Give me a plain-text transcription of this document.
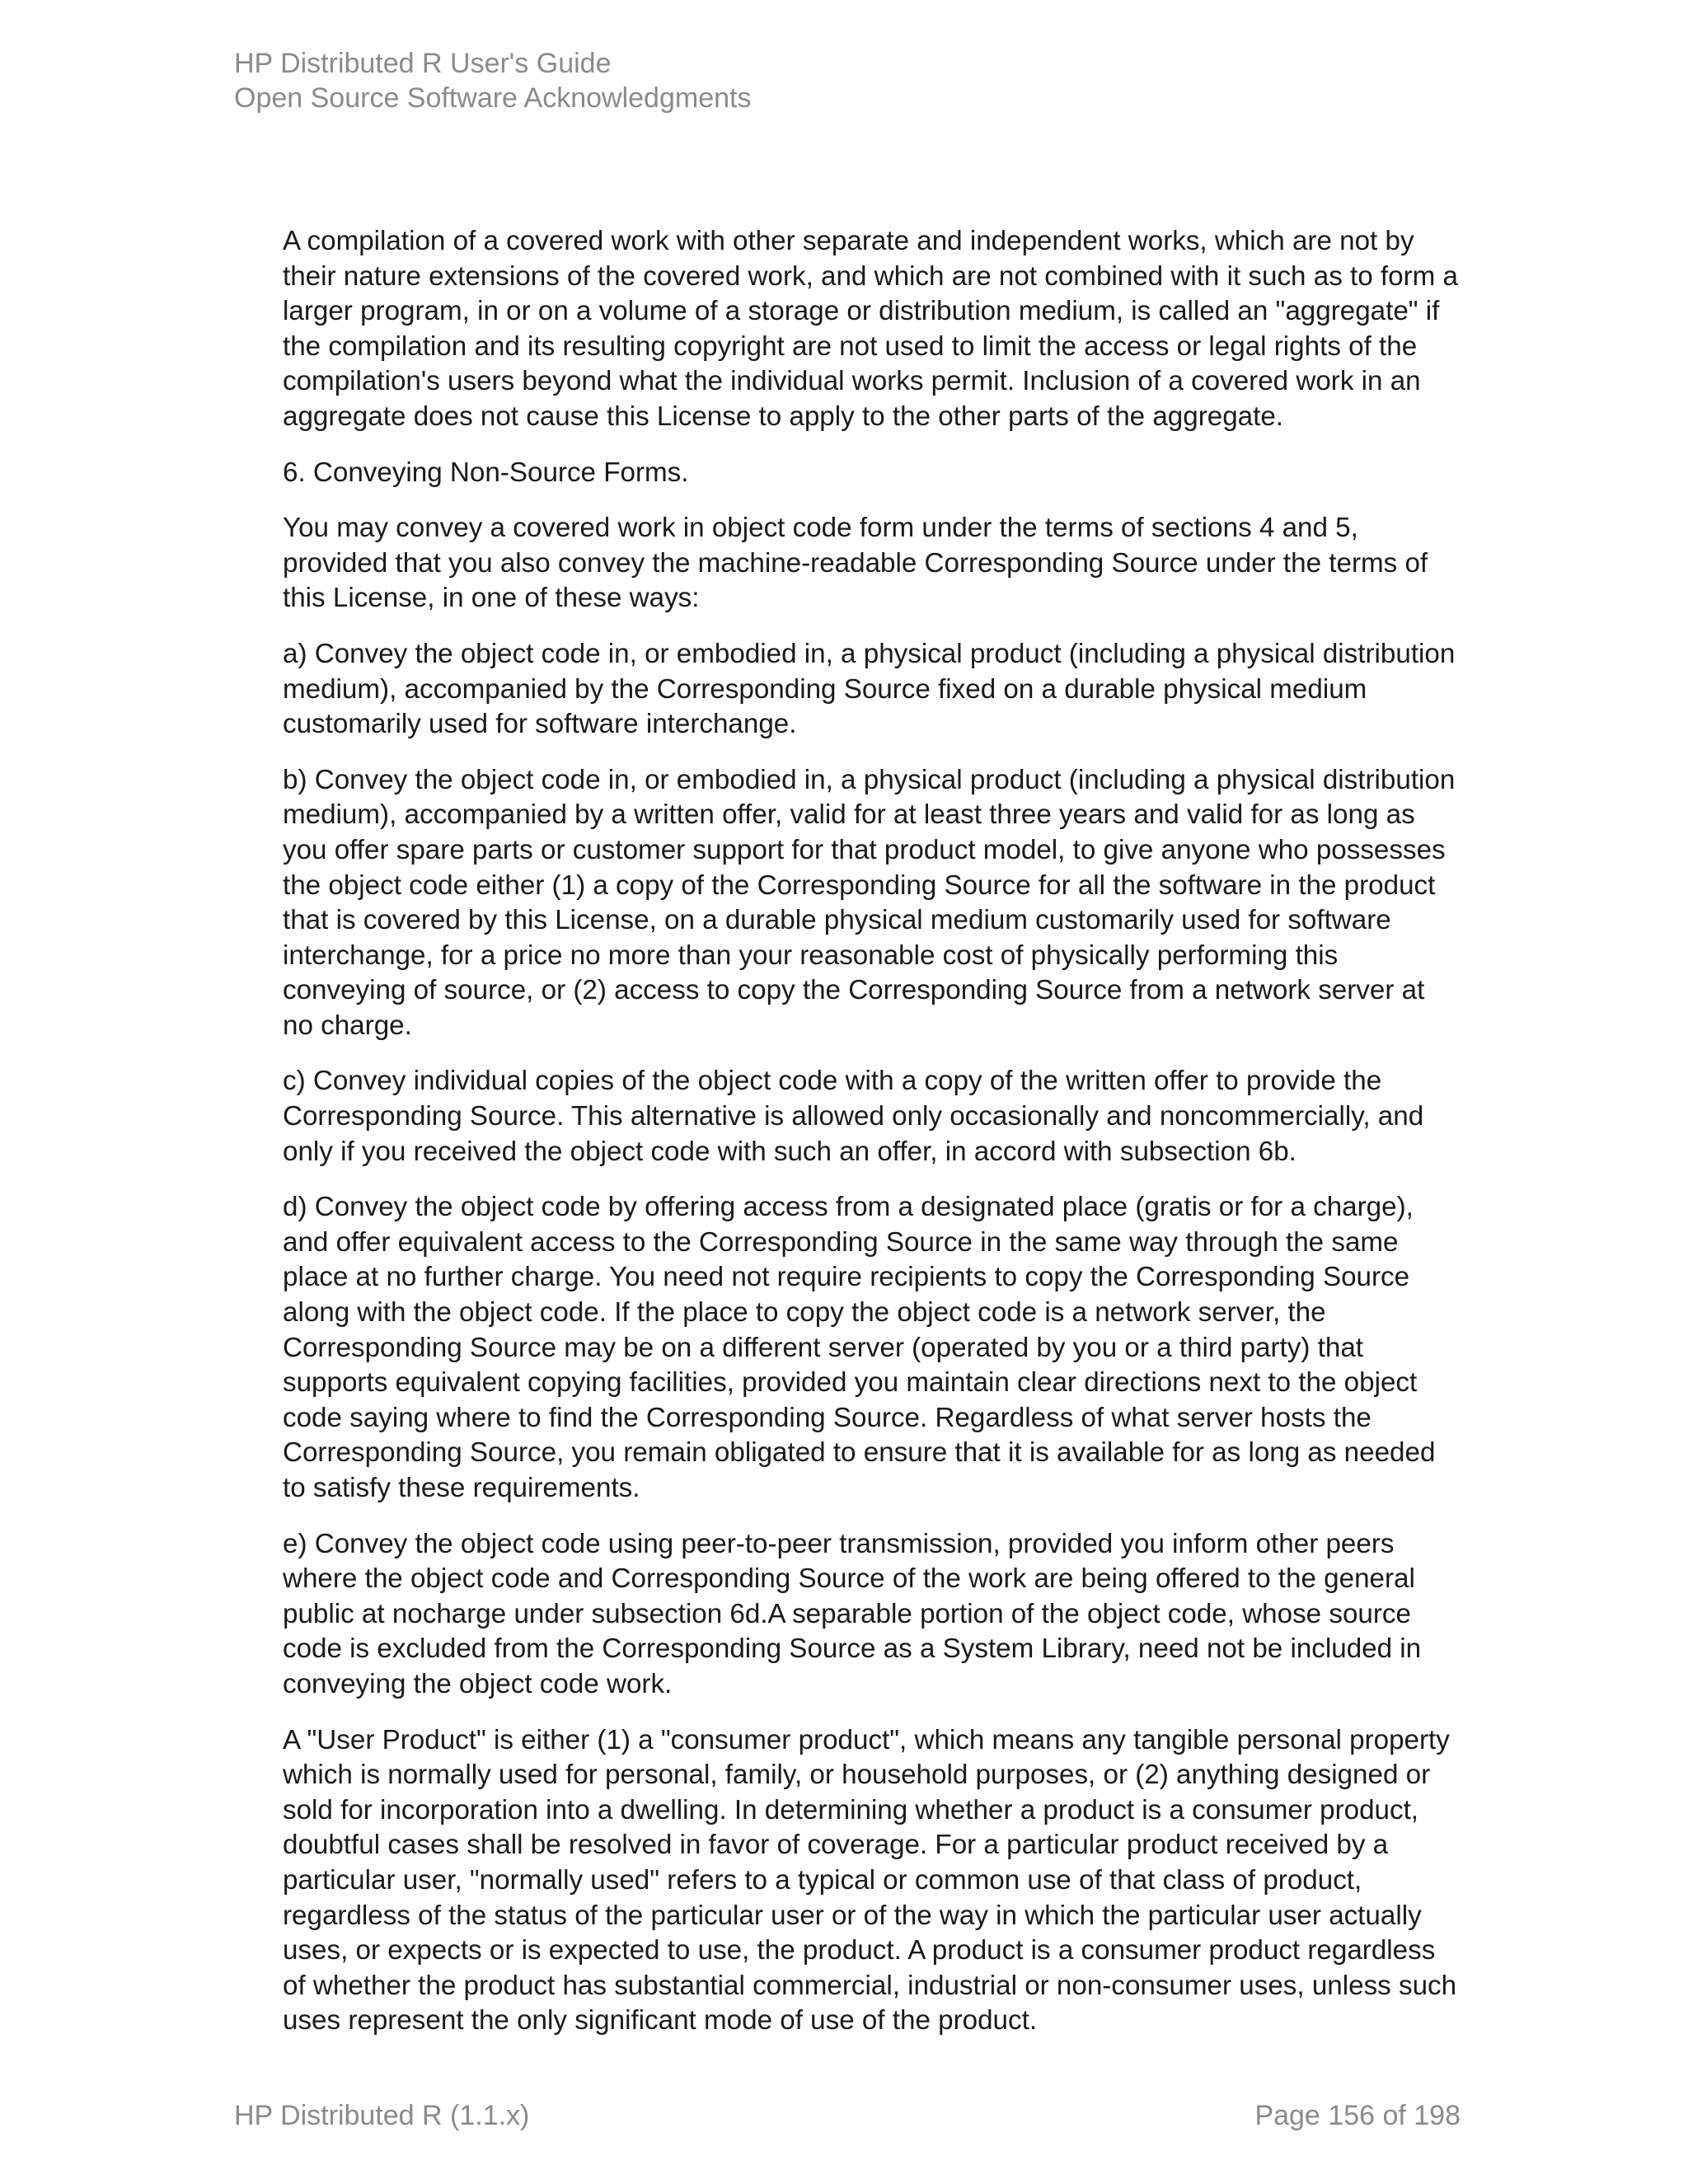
HP Distributed R User's Guide
Open Source Software Acknowledgments

A compilation of a covered work with other separate and independent works, which are not by their nature extensions of the covered work, and which are not combined with it such as to form a larger program, in or on a volume of a storage or distribution medium, is called an "aggregate" if the compilation and its resulting copyright are not used to limit the access or legal rights of the compilation's users beyond what the individual works permit. Inclusion of a covered work in an aggregate does not cause this License to apply to the other parts of the aggregate.

6. Conveying Non-Source Forms.

You may convey a covered work in object code form under the terms of sections 4 and 5, provided that you also convey the machine-readable Corresponding Source under the terms of this License, in one of these ways:

a) Convey the object code in, or embodied in, a physical product (including a physical distribution medium), accompanied by the Corresponding Source fixed on a durable physical medium customarily used for software interchange.

b) Convey the object code in, or embodied in, a physical product (including a physical distribution medium), accompanied by a written offer, valid for at least three years and valid for as long as you offer spare parts or customer support for that product model, to give anyone who possesses the object code either (1) a copy of the Corresponding Source for all the software in the product that is covered by this License, on a durable physical medium customarily used for software interchange, for a price no more than your reasonable cost of physically performing this conveying of source, or (2) access to copy the Corresponding Source from a network server at no charge.

c) Convey individual copies of the object code with a copy of the written offer to provide the Corresponding Source. This alternative is allowed only occasionally and noncommercially, and only if you received the object code with such an offer, in accord with subsection 6b.

d) Convey the object code by offering access from a designated place (gratis or for a charge), and offer equivalent access to the Corresponding Source in the same way through the same place at no further charge. You need not require recipients to copy the Corresponding Source along with the object code. If the place to copy the object code is a network server, the Corresponding Source may be on a different server (operated by you or a third party) that supports equivalent copying facilities, provided you maintain clear directions next to the object code saying where to find the Corresponding Source. Regardless of what server hosts the Corresponding Source, you remain obligated to ensure that it is available for as long as needed to satisfy these requirements.

e) Convey the object code using peer-to-peer transmission, provided you inform other peers where the object code and Corresponding Source of the work are being offered to the general public at nocharge under subsection 6d.A separable portion of the object code, whose source code is excluded from the Corresponding Source as a System Library, need not be included in conveying the object code work.

A "User Product" is either (1) a "consumer product", which means any tangible personal property which is normally used for personal, family, or household purposes, or (2) anything designed or sold for incorporation into a dwelling. In determining whether a product is a consumer product, doubtful cases shall be resolved in favor of coverage. For a particular product received by a particular user, "normally used" refers to a typical or common use of that class of product, regardless of the status of the particular user or of the way in which the particular user actually uses, or expects or is expected to use, the product. A product is a consumer product regardless of whether the product has substantial commercial, industrial or non-consumer uses, unless such uses represent the only significant mode of use of the product.

HP Distributed R (1.1.x)	Page 156 of 198
